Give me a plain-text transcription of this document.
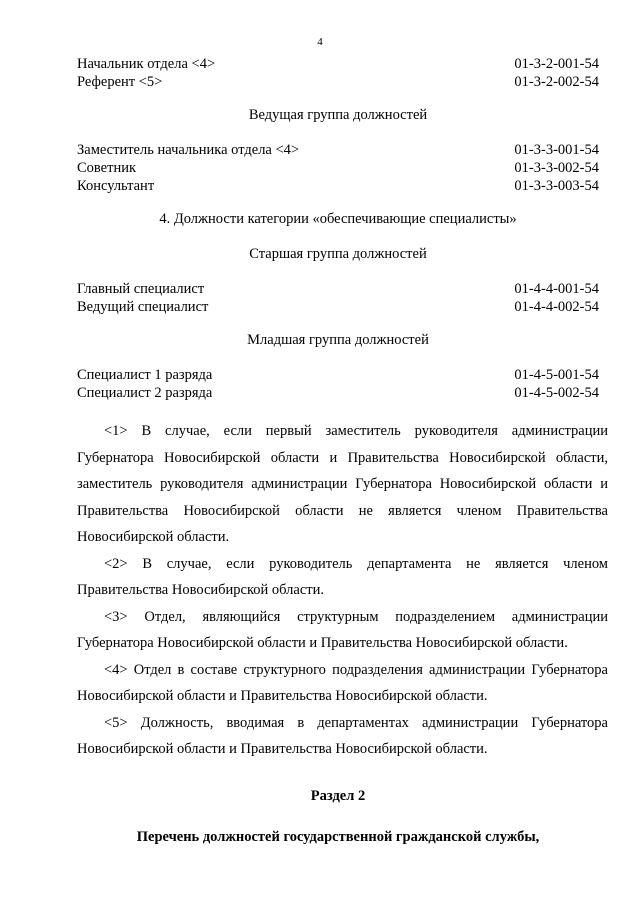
4
Начальник отдела <4>	01-3-2-001-54
Референт <5>	01-3-2-002-54
Ведущая группа должностей
Заместитель начальника отдела <4>	01-3-3-001-54
Советник	01-3-3-002-54
Консультант	01-3-3-003-54
4. Должности категории «обеспечивающие специалисты»
Старшая группа должностей
Главный специалист	01-4-4-001-54
Ведущий специалист	01-4-4-002-54
Младшая группа должностей
Специалист 1 разряда	01-4-5-001-54
Специалист 2 разряда	01-4-5-002-54

<1> В случае, если первый заместитель руководителя администрации Губернатора Новосибирской области и Правительства Новосибирской области, заместитель руководителя администрации Губернатора Новосибирской области и Правительства Новосибирской области не является членом Правительства Новосибирской области.

<2> В случае, если руководитель департамента не является членом Правительства Новосибирской области.

<3> Отдел, являющийся структурным подразделением администрации Губернатора Новосибирской области и Правительства Новосибирской области.

<4> Отдел в составе структурного подразделения администрации Губернатора Новосибирской области и Правительства Новосибирской области.

<5> Должность, вводимая в департаментах администрации Губернатора Новосибирской области и Правительства Новосибирской области.

Раздел 2
Перечень должностей государственной гражданской службы,
